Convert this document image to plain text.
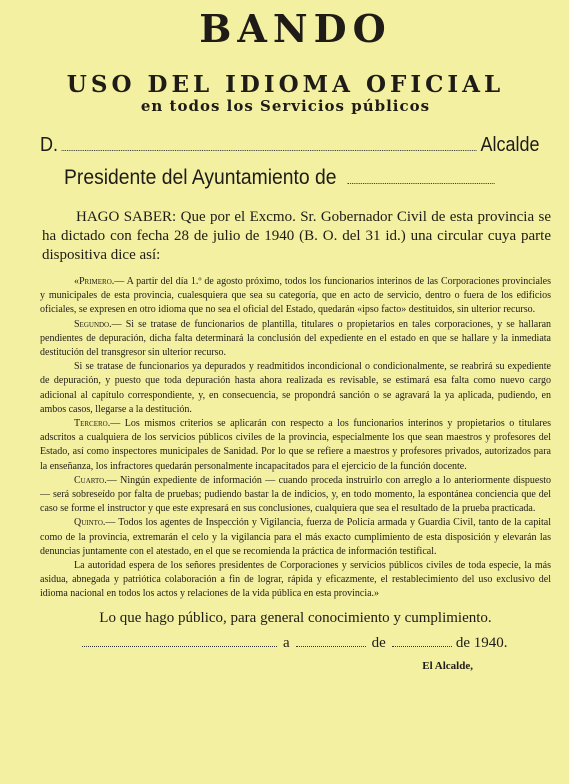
BANDO
USO DEL IDIOMA OFICIAL
en todos los Servicios públicos
D.	Alcalde
Presidente del Ayuntamiento de
HAGO SABER: Que por el Excmo. Sr. Gobernador Civil de esta provincia se ha dictado con fecha 28 de julio de 1940 (B. O. del 31 id.) una circular cuya parte dispositiva dice así:

«Primero.— A partir del día 1.º de agosto próximo, todos los funcionarios interinos de las Corporaciones provinciales y municipales de esta provincia, cualesquiera que sea su categoría, que en acto de servicio, dentro o fuera de los edificios oficiales, se expresen en otro idioma que no sea el oficial del Estado, quedarán «ipso facto» destituidos, sin ulterior recurso.

Segundo.— Si se tratase de funcionarios de plantilla, titulares o propietarios en tales corporaciones, y se hallaran pendientes de depuración, dicha falta determinará la conclusión del expediente en el estado en que se hallare y la inmediata destitución del transgresor sin ulterior recurso.

Si se tratase de funcionarios ya depurados y readmitidos incondicional o condicionalmente, se reabrirá su expediente de depuración, y puesto que toda depuración hasta ahora realizada es revisable, se estimará esa falta como nuevo cargo adicional al capítulo correspondiente, y, en consecuencia, se propondrá sanción o se agravará la ya aplicada, pudiendo, en ambos casos, llegarse a la destitución.

Tercero.— Los mismos criterios se aplicarán con respecto a los funcionarios interinos y propietarios o titulares adscritos a cualquiera de los servicios públicos civiles de la provincia, especialmente los que sean maestros y profesores del Estado, así como inspectores municipales de Sanidad. Por lo que se refiere a maestros y profesores privados, autorizados para la enseñanza, los infractores quedarán personalmente incapacitados para el ejercicio de la función docente.

Cuarto.— Ningún expediente de información — cuando proceda instruirlo con arreglo a lo anteriormente dispuesto — será sobreseído por falta de pruebas; pudiendo bastar la de indicios, y, en todo momento, la espontánea conciencia que del caso se forme el instructor y que este expresará en sus conclusiones, cualquiera que sea el resultado de la prueba practicada.

Quinto.— Todos los agentes de Inspección y Vigilancia, fuerza de Policía armada y Guardia Civil, tanto de la capital como de la provincia, extremarán el celo y la vigilancia para el más exacto cumplimiento de esta disposición y elevarán las denuncias juntamente con el atestado, en el que se recomienda la práctica de información testifical.

La autoridad espera de los señores presidentes de Corporaciones y servicios públicos civiles de toda especie, la más asidua, abnegada y patriótica colaboración a fin de lograr, rápida y eficazmente, el restablecimiento del uso exclusivo del idioma nacional en todos los actos y relaciones de la vida pública en esta provincia.»

Lo que hago público, para general conocimiento y cumplimiento.
a	de	de 1940.
El Alcalde,
